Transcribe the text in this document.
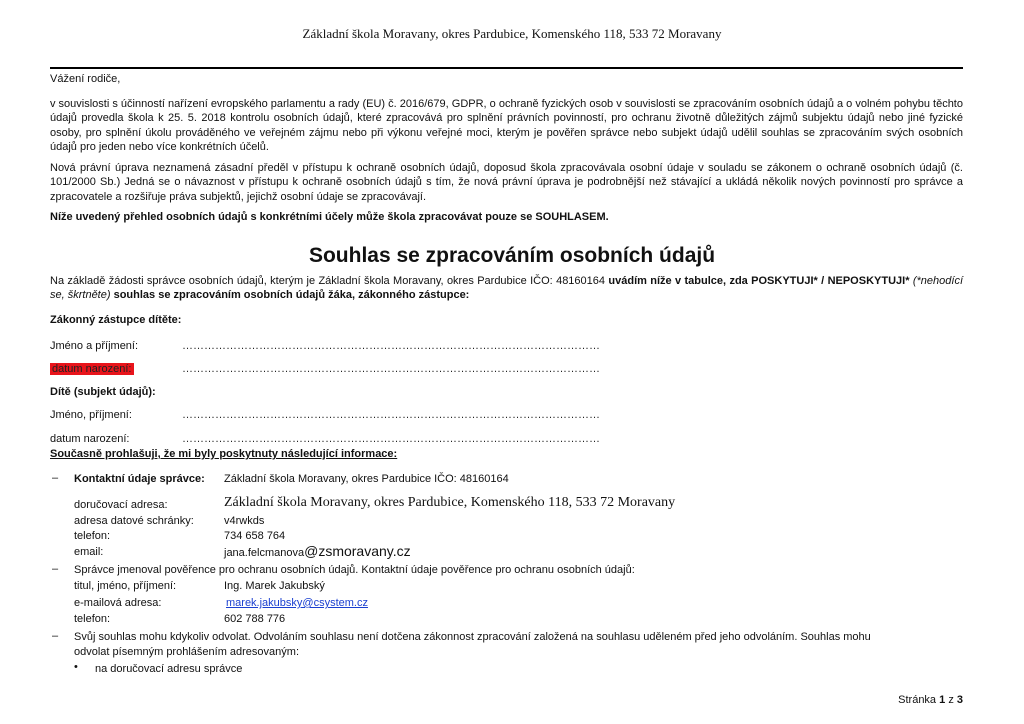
Základní škola Moravany, okres Pardubice, Komenského 118, 533 72 Moravany
Vážení rodiče,
v souvislosti s účinností nařízení evropského parlamentu a rady (EU) č. 2016/679, GDPR, o ochraně fyzických osob v souvislosti se zpracováním osobních údajů a o volném pohybu těchto údajů provedla škola k 25. 5. 2018 kontrolu osobních údajů, které zpracovává pro splnění právních povinností, pro ochranu životně důležitých zájmů subjektu údajů nebo jiné fyzické osoby, pro splnění úkolu prováděného ve veřejném zájmu nebo při výkonu veřejné moci, kterým je pověřen správce nebo subjekt údajů udělil souhlas se zpracováním svých osobních údajů pro jeden nebo více konkrétních účelů.
Nová právní úprava neznamená zásadní předěl v přístupu k ochraně osobních údajů, doposud škola zpracovávala osobní údaje v souladu se zákonem o ochraně osobních údajů (č. 101/2000 Sb.) Jedná se o návaznost v přístupu k ochraně osobních údajů s tím, že nová právní úprava je podrobnější než stávající a ukládá několik nových povinností pro správce a zpracovatele a rozšiřuje práva subjektů, jejichž osobní údaje se zpracovávají.
Níže uvedený přehled osobních údajů s konkrétními účely může škola zpracovávat pouze se SOUHLASEM.
Souhlas se zpracováním osobních údajů
Na základě žádosti správce osobních údajů, kterým je Základní škola Moravany, okres Pardubice IČO: 48160164 uvádím níže v tabulce, zda POSKYTUJI* / NEPOSKYTUJI* (*nehodící se, škrtněte) souhlas se zpracováním osobních údajů žáka, zákonného zástupce:
Zákonný zástupce dítěte:
Jméno a příjmení:	……………………………………………………………………………………………………
datum narození:	……………………………………………………………………………………………………
Dítě (subjekt údajů):
Jméno, příjmení:	……………………………………………………………………………………………………
datum narození:	……………………………………………………………………………………………………
Současně prohlašuji, že mi byly poskytnuty následující informace:
– Kontaktní údaje správce: Základní škola Moravany, okres Pardubice IČO: 48160164
doručovací adresa:	Základní škola Moravany, okres Pardubice, Komenského 118, 533 72 Moravany
adresa datové schránky:	v4rwkds
telefon:	734 658 764
email:	jana.felcmanova@zsmoravany.cz
– Správce jmenoval pověřence pro ochranu osobních údajů. Kontaktní údaje pověřence pro ochranu osobních údajů:
titul, jméno, příjmení:	Ing. Marek Jakubský
e-mailová adresa:	marek.jakubsky@csystem.cz
telefon:	602 788 776
– Svůj souhlas mohu kdykoliv odvolat. Odvoláním souhlasu není dotčena zákonnost zpracování založená na souhlasu uděleném před jeho odvoláním. Souhlas mohu
odvolat písemným prohlášením adresovaným:
• na doručovací adresu správce
Stránka 1 z 3
